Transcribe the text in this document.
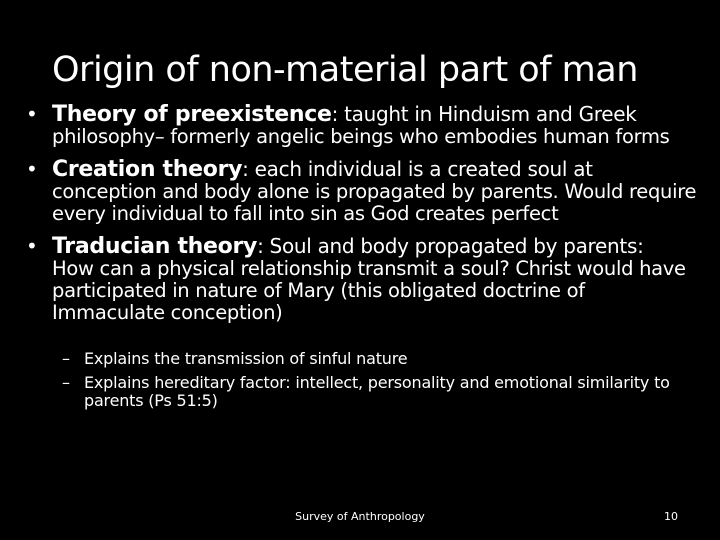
Origin of non-material part of man
• Theory of preexistence: taught in Hinduism and Greek
philosophy– formerly angelic beings who embodies human forms
• Creation theory: each individual is a created soul at
conception and body alone is propagated by parents. Would require every individual to fall into sin as God creates perfect
• Traducian theory: Soul and body propagated by parents:
How can a physical relationship transmit a soul? Christ would have participated in nature of Mary (this obligated doctrine of Immaculate conception)
– Explains the transmission of sinful nature
– Explains hereditary factor: intellect, personality and emotional similarity to parents (Ps 51:5)
Survey of Anthropology	10
